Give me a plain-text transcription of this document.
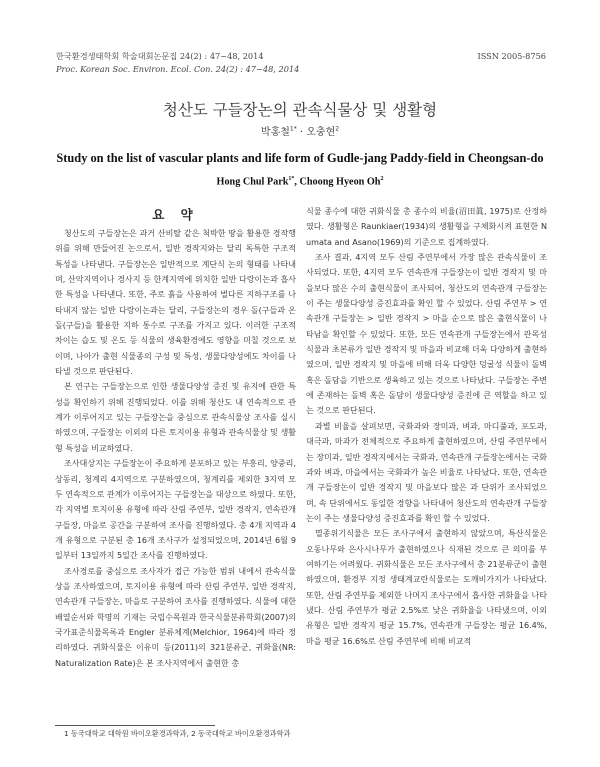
한국환경생태학회 학술대회논문집 24(2) : 47~48, 2014	ISSN 2005-8756
Proc. Korean Soc. Environ. Ecol. Con. 24(2) : 47~48, 2014
청산도 구들장논의 관속식물상 및 생활형
박홍철$^{1*}$ · 오충현$^2$
Study on the list of vascular plants and life form of Gudle-jang Paddy-field in Cheongsan-do
Hong Chul Park$^{1*}$, Choong Hyeon Oh$^2$
요 약

청산도의 구들장논은 과거 산비탈 같은 척박한 땅을 활용한 경작행위를 위해 만들어진 논으로서, 일반 경작지와는 달리 독특한 구조적 특성을 나타낸다. 구들장논은 일반적으로 계단식 논의 형태를 나타내며, 산악지역이나 경사지 등 한계지역에 위치한 일반 다랑이논과 흡사한 특성을 나타낸다. 또한, 주로 흙을 사용하여 벌다른 지하구조를 나타내지 않는 일반 다랑이논과는 달리, 구들장논의 경우 돌(구들과 온돌(구들)을 활용한 지하 통수로 구조를 가지고 있다. 이러한 구조적 차이는 습도 및 온도 등 식물의 생육환경에도 영향을 미칠 것으로 보이며, 나아가 출현 식물종의 구성 및 특성, 생물다양성에도 차이를 나타낼 것으로 판단된다.

본 연구는 구들장논으로 인한 생물다양성 증진 및 유지에 관한 특성을 확인하기 위해 진행되었다. 이를 위해 청산도 내 연속적으로 관계가 이루어지고 있는 구들장논을 중심으로 관속식물상 조사를 실시하였으며, 구들장논 이외의 다른 토지이용 유형과 관속식물상 및 생활형 특성을 비교하였다.

조사대상지는 구들장논이 주요하게 분포하고 있는 부흥리, 양중리, 상동리, 청계리 4지역으로 구분하였으며, 청계리를 제외한 3지역 모두 연속적으로 관계가 이루어지는 구들장논을 대상으로 하였다. 또한, 각 지역별 토지이용 유형에 따라 산림 주연부, 일반 경작지, 연속관개 구들장, 마을로 공간을 구분하여 조사를 진행하였다. 총 4개 지역과 4개 유형으로 구분된 총 16개 조사구가 설정되었으며, 2014년 6월 9일부터 13일까지 5일간 조사를 진행하였다.

조사경로를 중심으로 조사자가 접근 가능한 범위 내에서 관속식물상을 조사하였으며, 토지이용 유형에 따라 산림 주연부, 일반 경작지, 연속관개 구들장논, 마을로 구분하여 조사를 진행하였다. 식물에 대한 배열순서와 학명의 기재는 국립수목원과 한국식물분류학회(2007)의 국가표준식물목록과 Engler 분류체계(Melchior, 1964)에 따라 정리하였다. 귀화식물은 이유미 등(2011)의 321분류군, 귀화율(NR: Naturalization Rate)은 본 조사지역에서 출현한 총

식물 종수에 대한 귀화식물 총 종수의 비율(沼田眞, 1975)로 산정하였다. 생활형은 Raunkiaer(1934)의 생활형을 구체화시켜 표현한 Numata and Asano(1969)의 기준으로 집계하였다.

조사 결과, 4지역 모두 산림 주연부에서 가장 많은 관속식물이 조사되었다. 또한, 4지역 모두 연속관개 구들장논이 일반 경작지 및 마을보다 많은 수의 출현식물이 조사되어, 청산도의 연속관개 구들장논이 주는 생물다양성 증진효과를 확인 할 수 있었다. 산림 주연부 > 연속관개 구들장논 > 일반 경작지 > 마을 순으로 많은 출현식물이 나타남을 확인할 수 있었다. 또한, 모든 연속관개 구들장논에서 관목성 식물과 초본류가 일반 경작지 및 마을과 비교해 더욱 다양하게 출현하였으며, 일반 경작지 및 마을에 비해 더욱 다양한 덩굴성 식물이 돌벽 혹은 돌담을 기반으로 생육하고 있는 것으로 나타났다. 구들장논 주변에 존재하는 돌벽 혹은 돌담이 생물다양성 증진에 큰 역할을 하고 있는 것으로 판단된다.

과별 비율을 살펴보면, 국화과와 장미과, 벼과, 마디풀과, 포도과, 대극과, 마과가 전체적으로 주요하게 출현하였으며, 산림 주연부에서는 장미과, 일반 경작지에서는 국화과, 연속관개 구들장논에서는 국화과와 벼과, 마을에서는 국화과가 높은 비율로 나타났다. 또한, 연속관개 구들장논이 일반 경작지 및 마을보다 많은 과 단위가 조사되었으며, 속 단위에서도 동일한 경향을 나타내어 청산도의 연속관개 구들장논이 주는 생물다양성 증진효과를 확인 할 수 있었다.

멸종위기식물은 모든 조사구에서 출현하지 않았으며, 특산식물은 오동나무와 은사시나무가 출현하였으나 식재된 것으로 큰 의미를 부여하기는 어려웠다. 귀화식물은 모든 조사구에서 총 21분류군이 출현하였으며, 환경부 지정 생태계교란식물로는 도깨비가지가 나타났다. 또한, 산림 주연부를 제외한 나머지 조사구에서 흡사한 귀화율을 나타냈다. 산림 주연부가 평균 2.5%로 낮은 귀화율을 나타냈으며, 이외 유형은 일반 경작지 평균 15.7%, 연속관개 구들장논 평균 16.4%, 마을 평균 16.6%로 산림 주연부에 비해 비교적

1 동국대학교 대학원 바이오환경과학과, 2 동국대학교 바이오환경과학과
